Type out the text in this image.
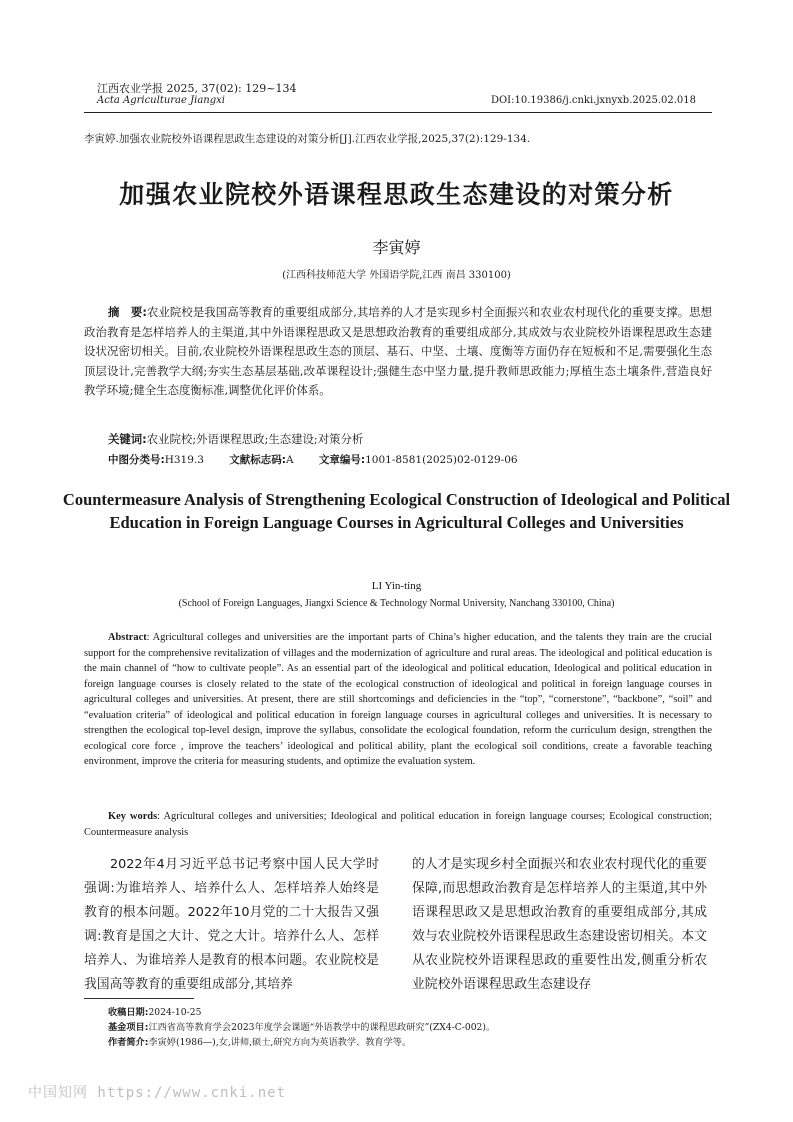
江西农业学报 2025, 37(02): 129~134
Acta Agriculturae Jiangxi	DOI:10.19386/j.cnki.jxnyxb.2025.02.018
李寅婷.加强农业院校外语课程思政生态建设的对策分析[J].江西农业学报,2025,37(2):129-134.
加强农业院校外语课程思政生态建设的对策分析
李寅婷
(江西科技师范大学 外国语学院,江西 南昌 330100)
摘　要:农业院校是我国高等教育的重要组成部分,其培养的人才是实现乡村全面振兴和农业农村现代化的重要支撑。思想政治教育是怎样培养人的主渠道,其中外语课程思政又是思想政治教育的重要组成部分,其成效与农业院校外语课程思政生态建设状况密切相关。目前,农业院校外语课程思政生态的顶层、基石、中坚、土壤、度衡等方面仍存在短板和不足,需要强化生态顶层设计,完善教学大纲;夯实生态基层基础,改革课程设计;强健生态中坚力量,提升教师思政能力;厚植生态土壤条件,营造良好教学环境;健全生态度衡标准,调整优化评价体系。
关键词:农业院校;外语课程思政;生态建设;对策分析
中图分类号:H319.3 文献标志码:A 文章编号:1001-8581(2025)02-0129-06
Countermeasure Analysis of Strengthening Ecological Construction of Ideological and Political Education in Foreign Language Courses in Agricultural Colleges and Universities
LI Yin-ting
(School of Foreign Languages, Jiangxi Science & Technology Normal University, Nanchang 330100, China)
Abstract: Agricultural colleges and universities are the important parts of China’s higher education, and the talents they train are the crucial support for the comprehensive revitalization of villages and the modernization of agriculture and rural areas. The ideological and political education is the main channel of “how to cultivate people”. As an essential part of the ideological and political education, Ideological and political education in foreign language courses is closely related to the state of the ecological construction of ideological and political in foreign language courses in agricultural colleges and universities. At present, there are still shortcomings and deficiencies in the “top”, “cornerstone”, “backbone”, “soil” and “evaluation criteria” of ideological and political education in foreign language courses in agricultural colleges and universities. It is necessary to strengthen the ecological top-level design, improve the syllabus, consolidate the ecological foundation, reform the curriculum design, strengthen the ecological core force , improve the teachers’ ideological and political ability, plant the ecological soil conditions, create a favorable teaching environment, improve the criteria for measuring students, and optimize the evaluation system.
Key words: Agricultural colleges and universities; Ideological and political education in foreign language courses; Ecological construction; Countermeasure analysis
2022年4月习近平总书记考察中国人民大学时强调:为谁培养人、培养什么人、怎样培养人始终是教育的根本问题。2022年10月党的二十大报告又强调:教育是国之大计、党之大计。培养什么人、怎样培养人、为谁培养人是教育的根本问题。农业院校是我国高等教育的重要组成部分,其培养
的人才是实现乡村全面振兴和农业农村现代化的重要保障,而思想政治教育是怎样培养人的主渠道,其中外语课程思政又是思想政治教育的重要组成部分,其成效与农业院校外语课程思政生态建设密切相关。本文从农业院校外语课程思政的重要性出发,侧重分析农业院校外语课程思政生态建设存
收稿日期:2024-10-25
基金项目:江西省高等教育学会2023年度学会课题“外语教学中的课程思政研究”(ZX4-C-002)。
作者简介:李寅婷(1986—),女,讲师,硕士,研究方向为英语教学、教育学等。
中国知网 https://www.cnki.net
